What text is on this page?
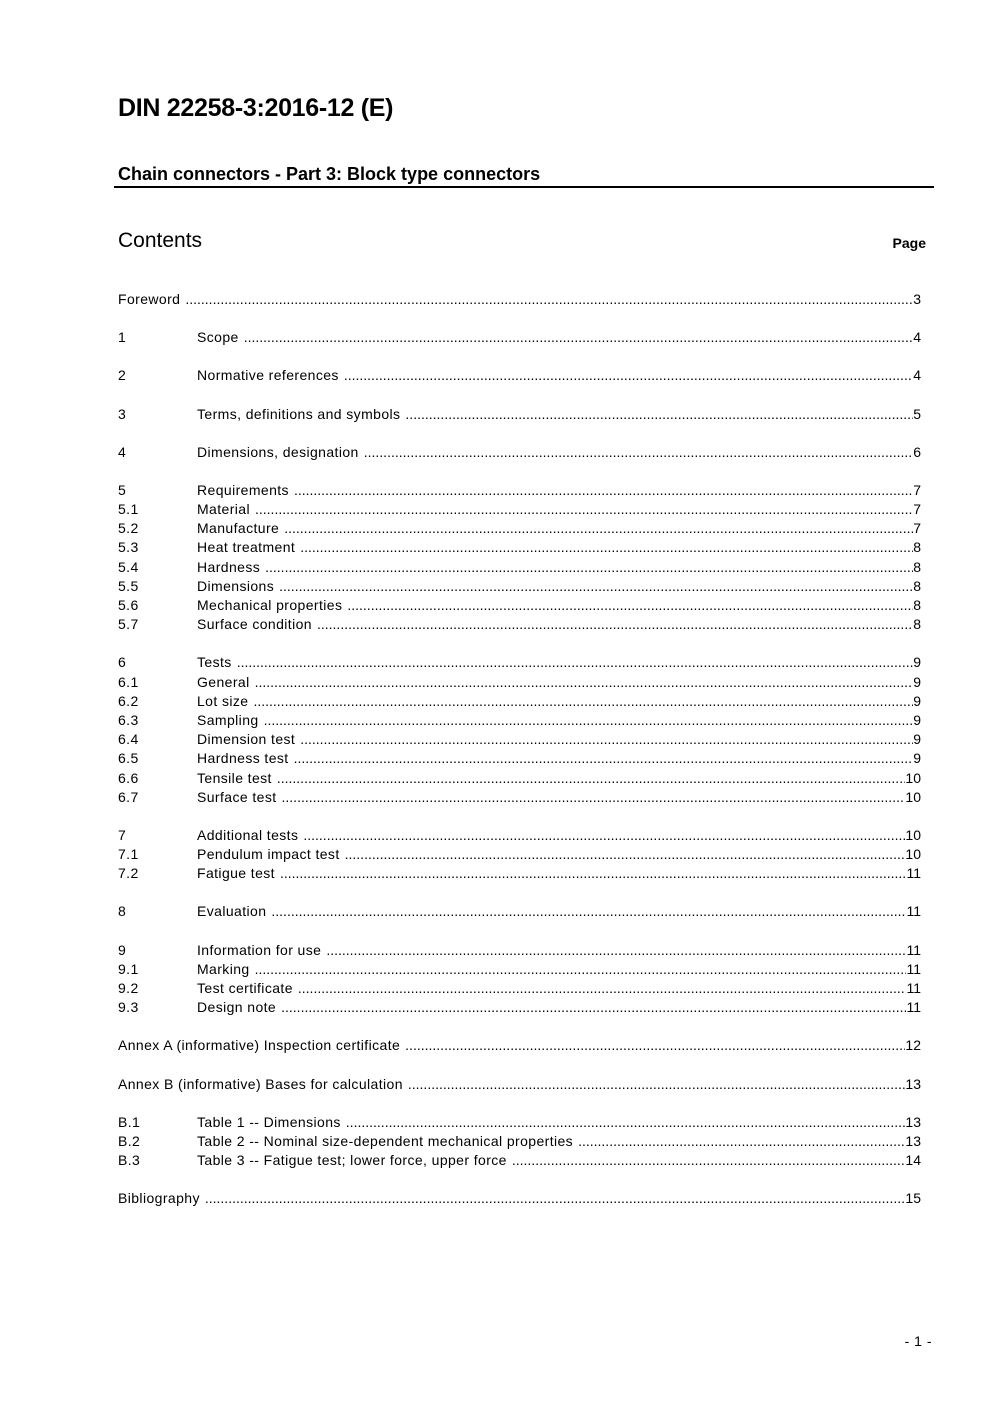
DIN 22258-3:2016-12 (E)
Chain connectors - Part 3: Block type connectors
Contents	Page
Foreword .....	3
1	Scope .....	4
2	Normative references .....	4
3	Terms, definitions and symbols .....	5
4	Dimensions, designation .....	6
5	Requirements .....	7
5.1	Material .....	7
5.2	Manufacture .....	7
5.3	Heat treatment .....	8
5.4	Hardness .....	8
5.5	Dimensions .....	8
5.6	Mechanical properties .....	8
5.7	Surface condition .....	8
6	Tests .....	9
6.1	General .....	9
6.2	Lot size .....	9
6.3	Sampling .....	9
6.4	Dimension test .....	9
6.5	Hardness test .....	9
6.6	Tensile test .....	10
6.7	Surface test .....	10
7	Additional tests .....	10
7.1	Pendulum impact test .....	10
7.2	Fatigue test .....	11
8	Evaluation .....	11
9	Information for use .....	11
9.1	Marking .....	11
9.2	Test certificate .....	11
9.3	Design note .....	11
Annex A (informative) Inspection certificate .....	12
Annex B (informative) Bases for calculation .....	13
B.1	Table 1 -- Dimensions .....	13
B.2	Table 2 -- Nominal size-dependent mechanical properties .....	13
B.3	Table 3 -- Fatigue test; lower force, upper force .....	14
Bibliography .....	15
- 1 -
